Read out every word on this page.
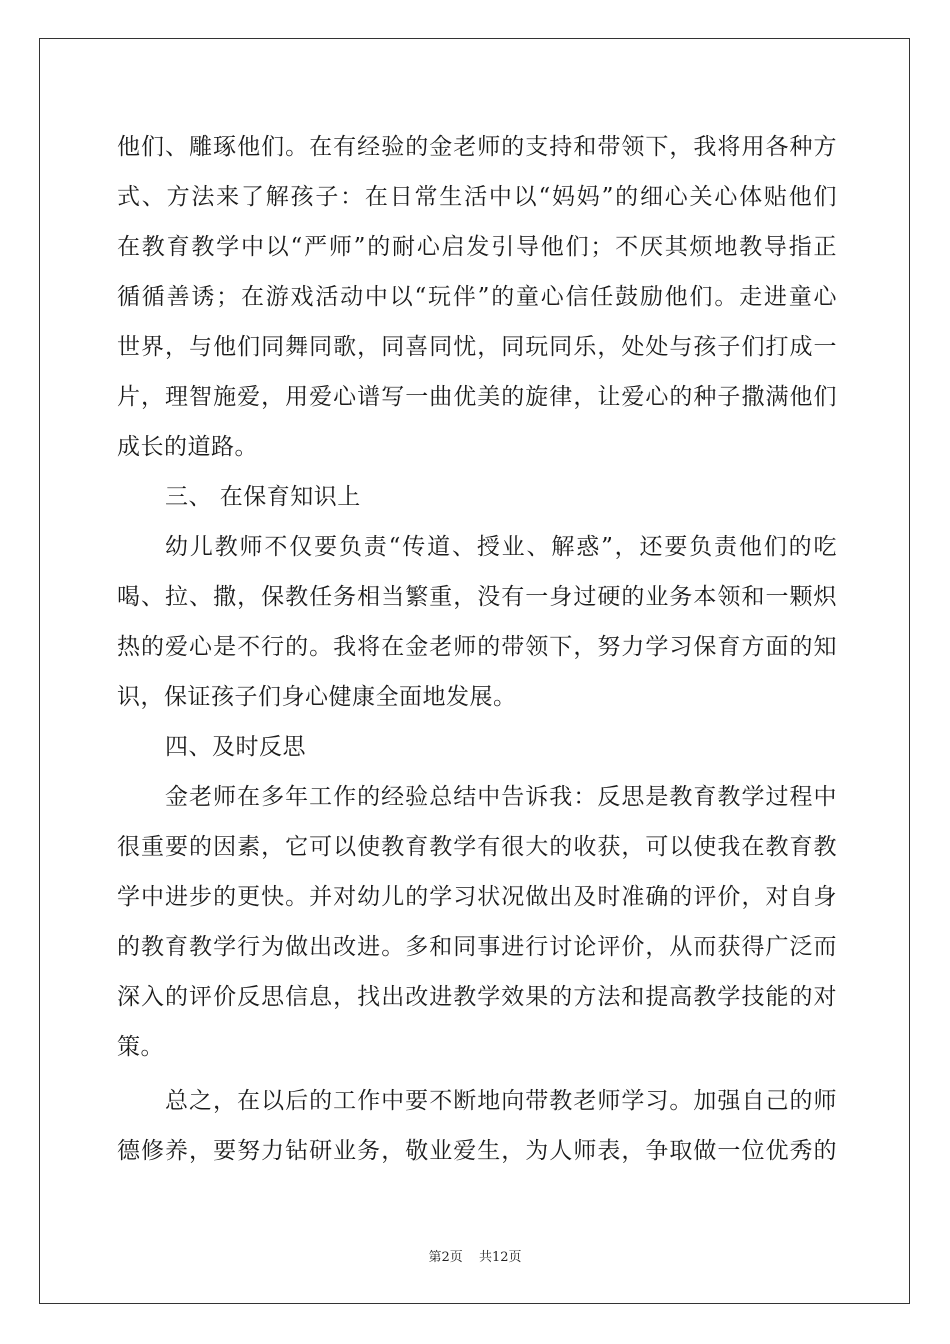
他们、雕琢他们。在有经验的金老师的支持和带领下，我将用各种方
式、方法来了解孩子：在日常生活中以“妈妈”的细心关心体贴他们
在教育教学中以“严师”的耐心启发引导他们；不厌其烦地教导指正
循循善诱；在游戏活动中以“玩伴”的童心信任鼓励他们。走进童心
世界，与他们同舞同歌，同喜同忧，同玩同乐，处处与孩子们打成一
片，理智施爱，用爱心谱写一曲优美的旋律，让爱心的种子撒满他们
成长的道路。
三、 在保育知识上
幼儿教师不仅要负责“传道、授业、解惑”，还要负责他们的吃
喝、拉、撒，保教任务相当繁重，没有一身过硬的业务本领和一颗炽
热的爱心是不行的。我将在金老师的带领下，努力学习保育方面的知
识，保证孩子们身心健康全面地发展。
四、及时反思
金老师在多年工作的经验总结中告诉我：反思是教育教学过程中
很重要的因素，它可以使教育教学有很大的收获，可以使我在教育教
学中进步的更快。并对幼儿的学习状况做出及时准确的评价，对自身
的教育教学行为做出改进。多和同事进行讨论评价，从而获得广泛而
深入的评价反思信息，找出改进教学效果的方法和提高教学技能的对
策。
总之，在以后的工作中要不断地向带教老师学习。加强自己的师
德修养，要努力钻研业务，敬业爱生，为人师表，争取做一位优秀的
第2页 共12页
